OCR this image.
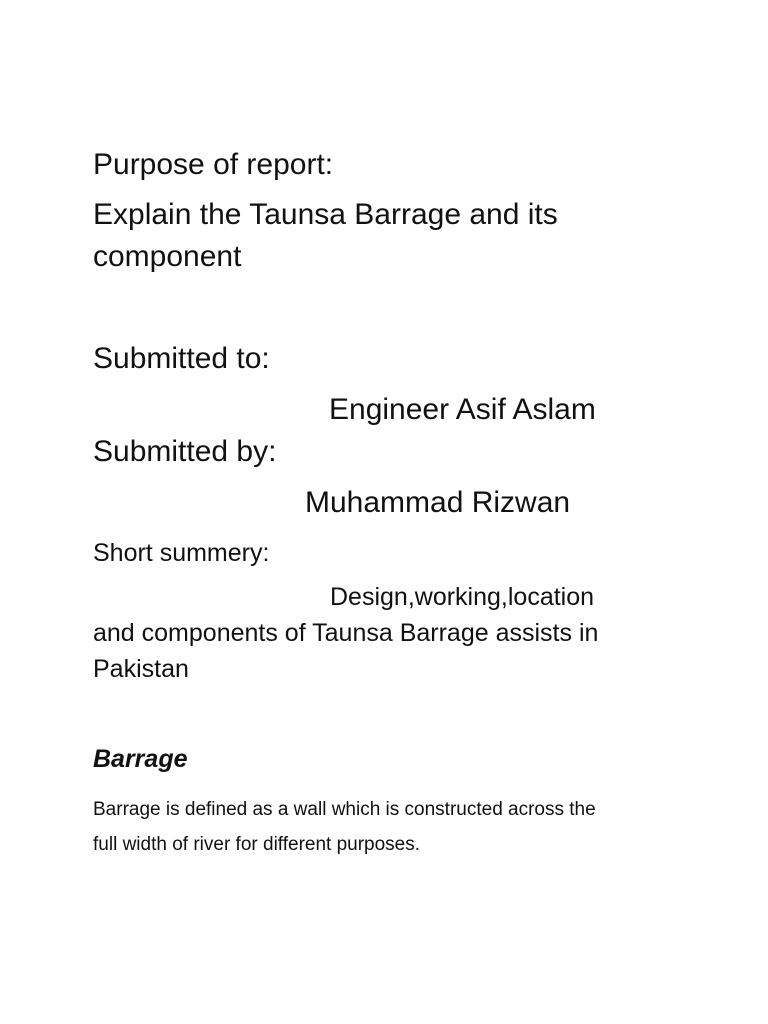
Purpose of report:

Explain the Taunsa Barrage and its

component

Submitted to:

Engineer Asif Aslam

Submitted by:

Muhammad Rizwan

Short summery:

Design,working,location

and components of Taunsa Barrage assists in

Pakistan

Barrage

Barrage is defined as a wall which is constructed across the

full width of river for different purposes.
